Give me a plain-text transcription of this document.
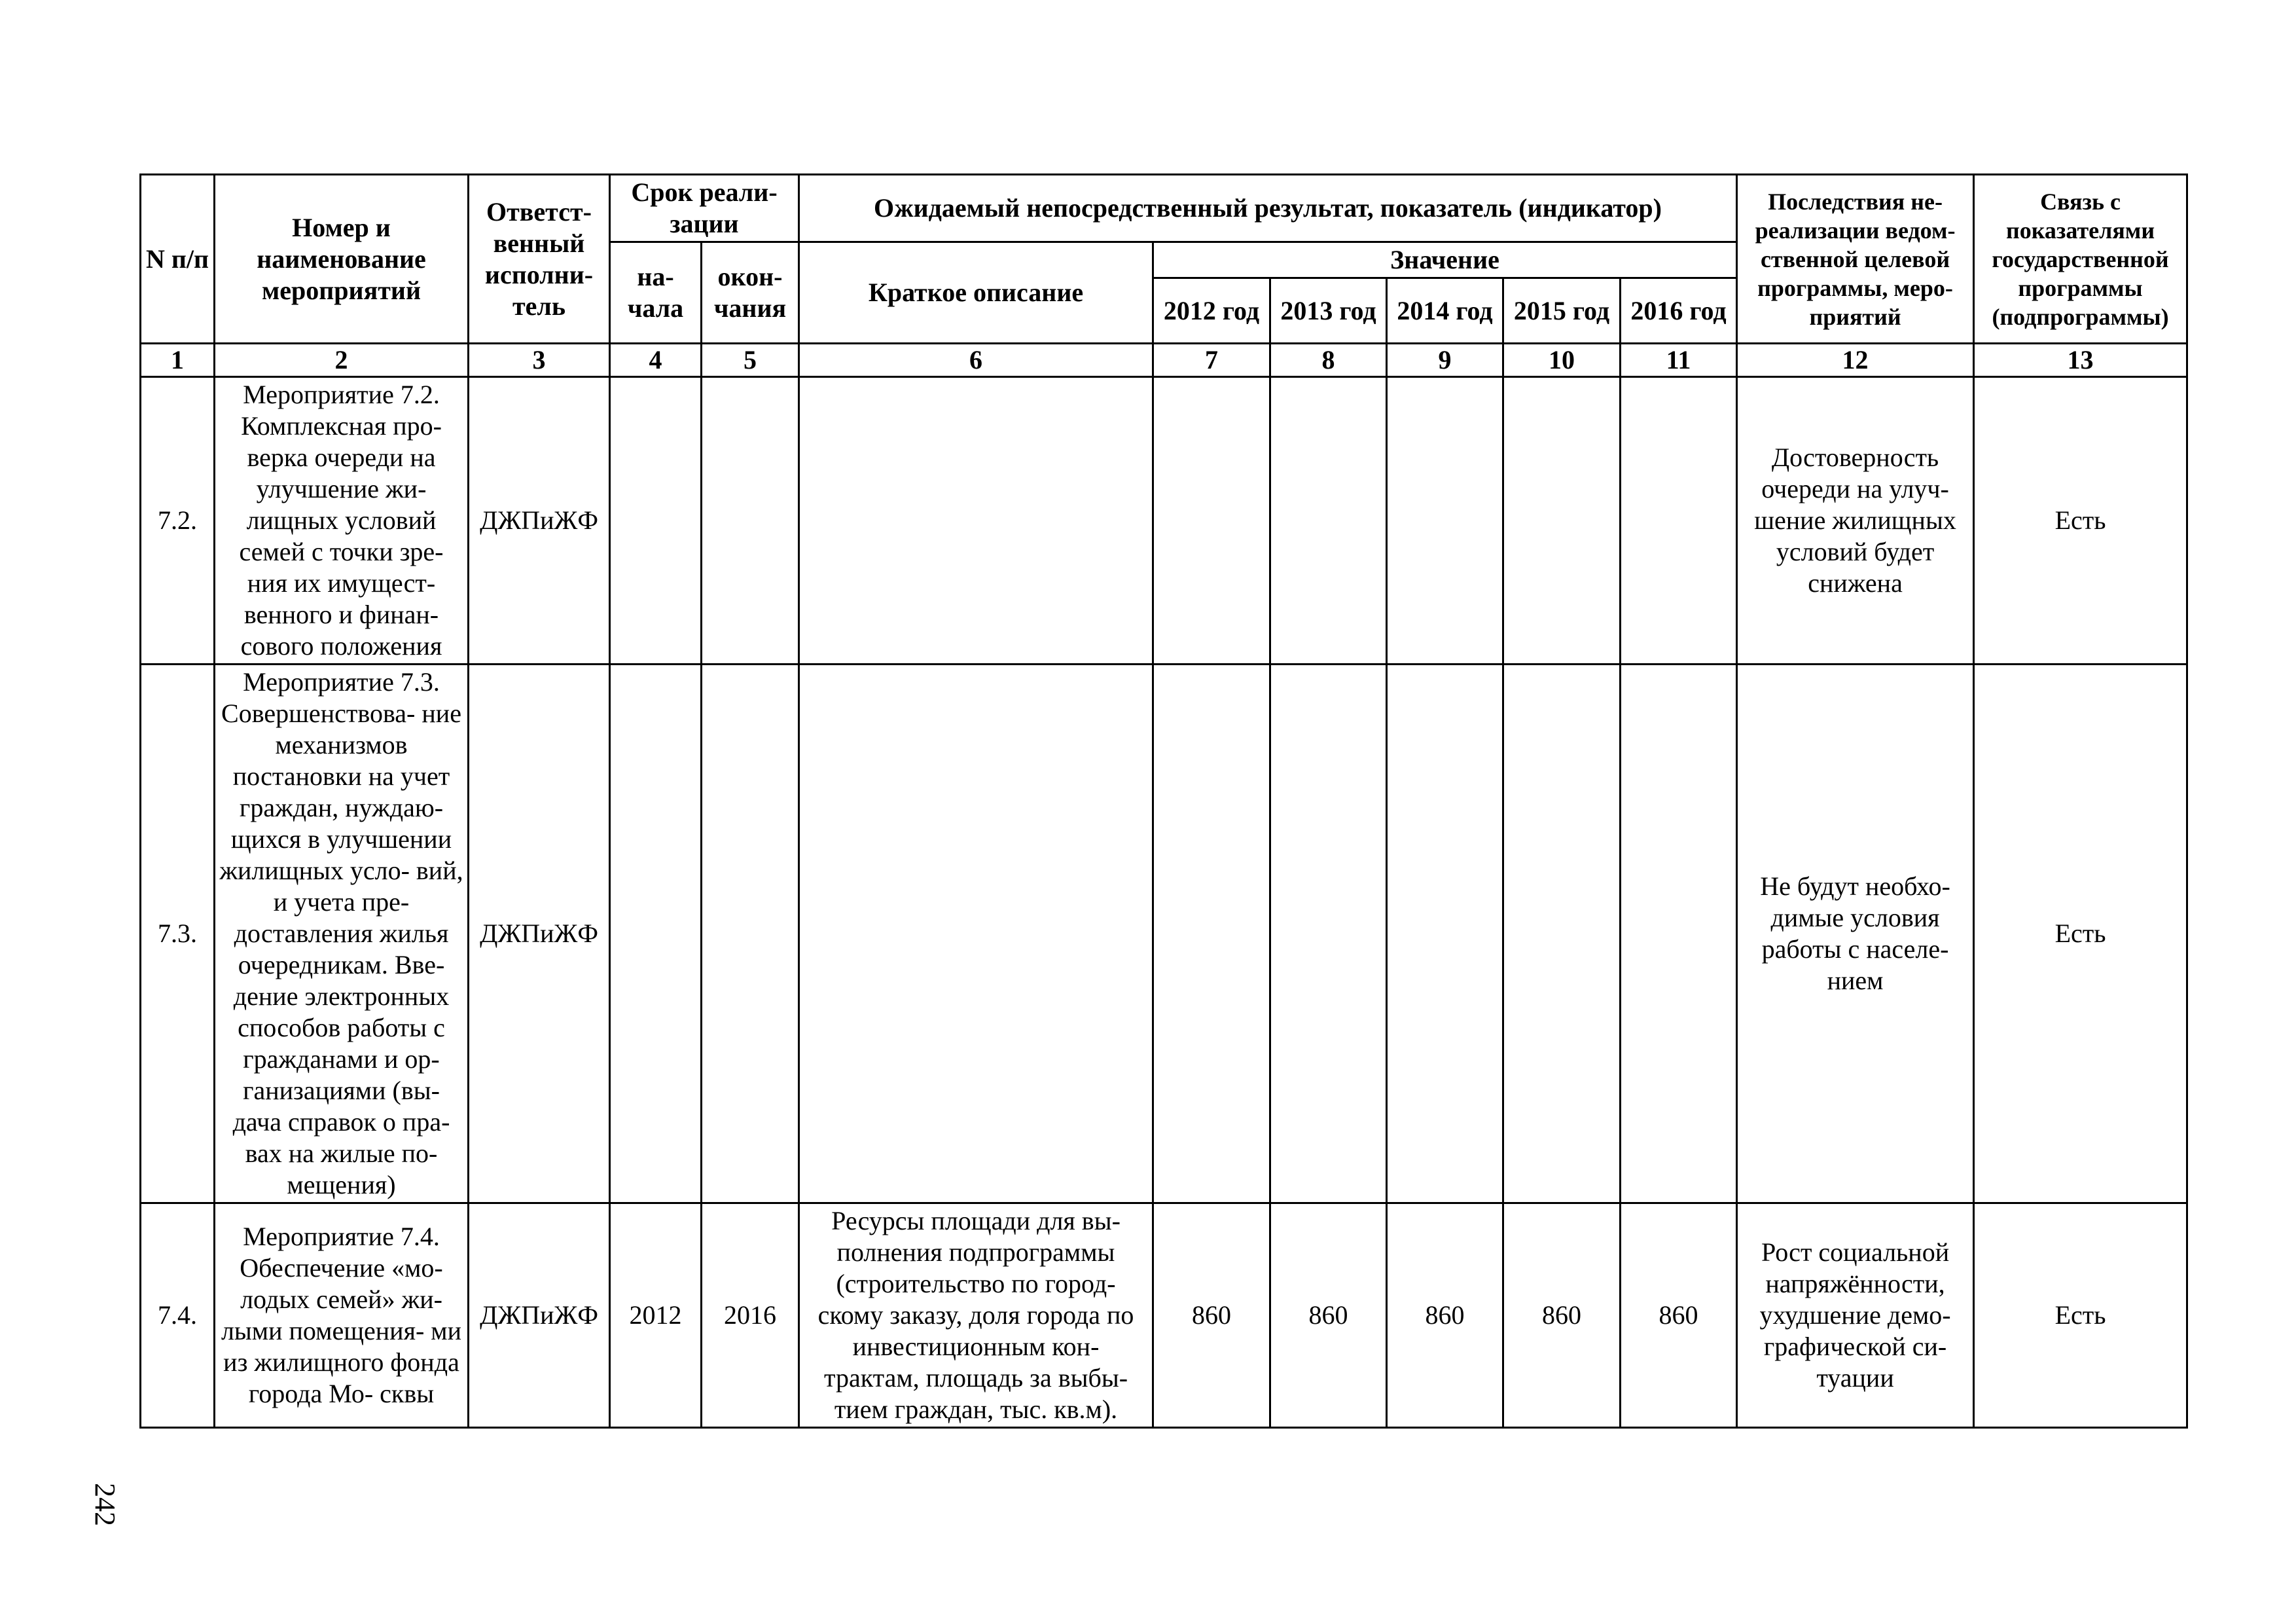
N п/п	Номер и наименование мероприятий	Ответст- венный исполни- тель	Срок реали- зации		Ожидаемый непосредственный результат, показатель (индикатор)						Последствия не- реализации ведом- ственной целевой программы, меро- приятий	Связь с показателями государственной программы (подпрограммы)
			на- чала	окон- чания	Краткое описание	Значение						
						2012 год	2013 год	2014 год	2015 год	2016 год		
1	2	3	4	5	6	7	8	9	10	11	12	13
7.2.	Мероприятие 7.2. Комплексная про- верка очереди на улучшение жи- лищных условий семей с точки зре- ния их имущест- венного и финан- сового положения	ДЖПиЖФ									Достоверность очереди на улуч- шение жилищных условий будет снижена	Есть
7.3.	Мероприятие 7.3. Совершенствова- ние механизмов постановки на учет граждан, нуждаю- щихся в улучшении жилищных усло- вий, и учета пре- доставления жилья очередникам. Вве- дение электронных способов работы с гражданами и ор- ганизациями (вы- дача справок о пра- вах на жилые по- мещения)	ДЖПиЖФ									Не будут необхо- димые условия работы с населе- нием	Есть
7.4.	Мероприятие 7.4. Обеспечение «мо- лодых семей» жи- лыми помещения- ми из жилищного фонда города Мо- сквы	ДЖПиЖФ	2012	2016	Ресурсы площади для вы- полнения подпрограммы (строительство по город- скому заказу, доля города по инвестиционным кон- трактам, площадь за выбы- тием граждан, тыс. кв.м).	860	860	860	860	860	Рост социальной напряжённости, ухудшение демо- графической си- туации	Есть
242
